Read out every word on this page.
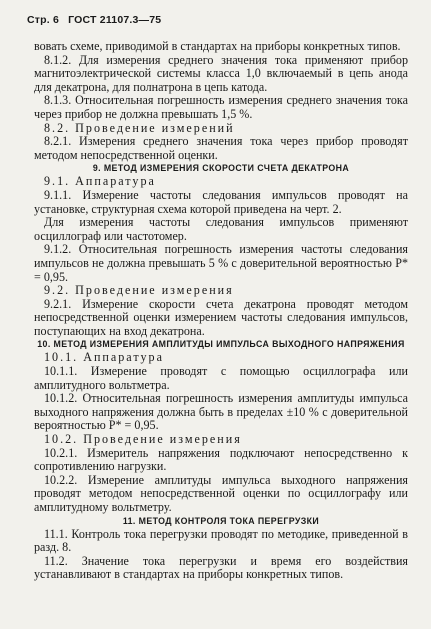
Стр. 6 ГОСТ 21107.3—75

вовать схеме, приводимой в стандартах на приборы конкретных типов.

8.1.2. Для измерения среднего значения тока применяют прибор магнитоэлектрической системы класса 1,0 включаемый в цепь анода для декатрона, для полнатрона в цепь катода.

8.1.3. Относительная погрешность измерения среднего значения тока через прибор не должна превышать 1,5 %.

8.2. Проведение измерений

8.2.1. Измерения среднего значения тока через прибор проводят методом непосредственной оценки.

9. МЕТОД ИЗМЕРЕНИЯ СКОРОСТИ СЧЕТА ДЕКАТРОНА

9.1. Аппаратура

9.1.1. Измерение частоты следования импульсов проводят на установке, структурная схема которой приведена на черт. 2.

Для измерения частоты следования импульсов применяют осциллограф или частотомер.

9.1.2. Относительная погрешность измерения частоты следования импульсов не должна превышать 5 % с доверительной вероятностью P* = 0,95.

9.2. Проведение измерения

9.2.1. Измерение скорости счета декатрона проводят методом непосредственной оценки измерением частоты следования импульсов, поступающих на вход декатрона.

10. МЕТОД ИЗМЕРЕНИЯ АМПЛИТУДЫ ИМПУЛЬСА ВЫХОДНОГО НАПРЯЖЕНИЯ

10.1. Аппаратура

10.1.1. Измерение проводят с помощью осциллографа или амплитудного вольтметра.

10.1.2. Относительная погрешность измерения амплитуды импульса выходного напряжения должна быть в пределах ±10 % с доверительной вероятностью P* = 0,95.

10.2. Проведение измерения

10.2.1. Измеритель напряжения подключают непосредственно к сопротивлению нагрузки.

10.2.2. Измерение амплитуды импульса выходного напряжения проводят методом непосредственной оценки по осциллографу или амплитудному вольтметру.

11. МЕТОД КОНТРОЛЯ ТОКА ПЕРЕГРУЗКИ

11.1. Контроль тока перегрузки проводят по методике, приведенной в разд. 8.

11.2. Значение тока перегрузки и время его воздействия устанавливают в стандартах на приборы конкретных типов.
